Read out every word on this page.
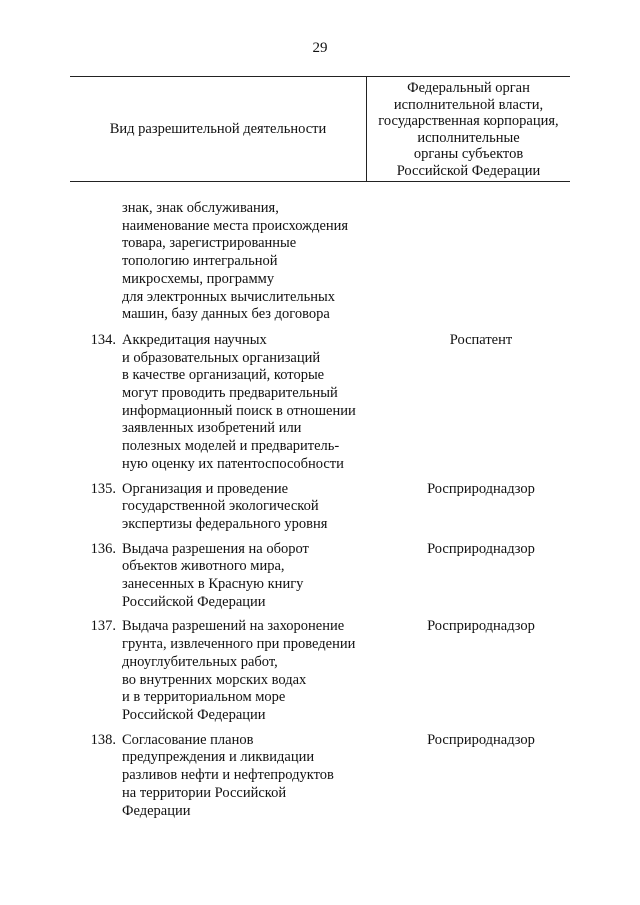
29
Вид разрешительной деятельности
Федеральный орган
исполнительной власти,
государственная корпорация,
исполнительные
органы субъектов
Российской Федерации
знак, знак обслуживания,
наименование места происхождения
товара, зарегистрированные
топологию интегральной
микросхемы, программу
для электронных вычислительных
машин, базу данных без договора
134. Аккредитация научных
и образовательных организаций
в качестве организаций, которые
могут проводить предварительный
информационный поиск в отношении
заявленных изобретений или
полезных моделей и предваритель-
ную оценку их патентоспособности
Роспатент
135. Организация и проведение
государственной экологической
экспертизы федерального уровня
Росприроднадзор
136. Выдача разрешения на оборот
объектов животного мира,
занесенных в Красную книгу
Российской Федерации
Росприроднадзор
137. Выдача разрешений на захоронение
грунта, извлеченного при проведении
дноуглубительных работ,
во внутренних морских водах
и в территориальном море
Российской Федерации
Росприроднадзор
138. Согласование планов
предупреждения и ликвидации
разливов нефти и нефтепродуктов
на территории Российской
Федерации
Росприроднадзор
